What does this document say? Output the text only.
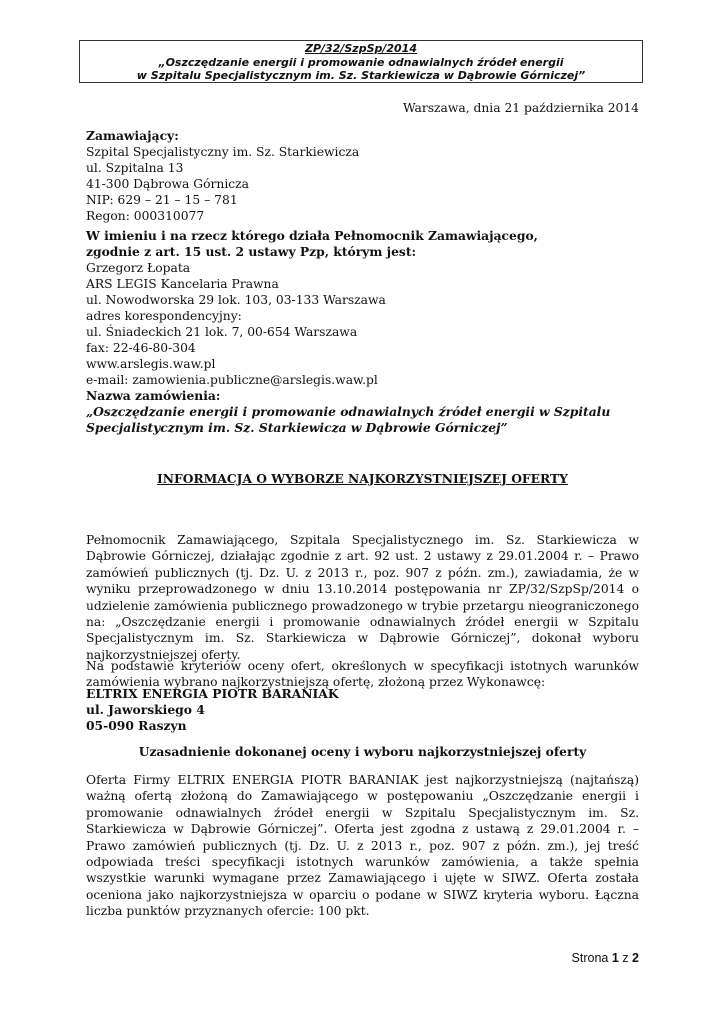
ZP/32/SzpSp/2014
„Oszczędzanie energii i promowanie odnawialnych źródeł energii
w Szpitalu Specjalistycznym im. Sz. Starkiewicza w Dąbrowie Górniczej”
Warszawa, dnia 21 października 2014
Zamawiający:
Szpital Specjalistyczny im. Sz. Starkiewicza
ul. Szpitalna 13
41-300 Dąbrowa Górnicza
NIP: 629 – 21 – 15 – 781
Regon: 000310077
W imieniu i na rzecz którego działa Pełnomocnik Zamawiającego,
zgodnie z art. 15 ust. 2 ustawy Pzp, którym jest:
Grzegorz Łopata
ARS LEGIS Kancelaria Prawna
ul. Nowodworska 29 lok. 103, 03-133 Warszawa
adres korespondencyjny:
ul. Śniadeckich 21 lok. 7, 00-654 Warszawa
fax: 22-46-80-304
www.arslegis.waw.pl
e-mail: zamowienia.publiczne@arslegis.waw.pl
Nazwa zamówienia:
„Oszczędzanie energii i promowanie odnawialnych źródeł energii w Szpitalu
Specjalistycznym im. Sz. Starkiewicza w Dąbrowie Górniczej”
INFORMACJA O WYBORZE NAJKORZYSTNIEJSZEJ OFERTY
Pełnomocnik Zamawiającego, Szpitala Specjalistycznego im. Sz. Starkiewicza w Dąbrowie Górniczej, działając zgodnie z art. 92 ust. 2 ustawy z 29.01.2004 r. – Prawo zamówień publicznych (tj. Dz. U. z 2013 r., poz. 907 z późn. zm.), zawiadamia, że w wyniku przeprowadzonego w dniu 13.10.2014 postępowania nr ZP/32/SzpSp/2014 o udzielenie zamówienia publicznego prowadzonego w trybie przetargu nieograniczonego na: „Oszczędzanie energii i promowanie odnawialnych źródeł energii w Szpitalu Specjalistycznym im. Sz. Starkiewicza w Dąbrowie Górniczej”, dokonał wyboru najkorzystniejszej oferty.
Na podstawie kryteriów oceny ofert, określonych w specyfikacji istotnych warunków zamówienia wybrano najkorzystniejszą ofertę, złożoną przez Wykonawcę:
ELTRIX ENERGIA PIOTR BARANIAK
ul. Jaworskiego 4
05-090 Raszyn
Uzasadnienie dokonanej oceny i wyboru najkorzystniejszej oferty
Oferta Firmy ELTRIX ENERGIA PIOTR BARANIAK jest najkorzystniejszą (najtańszą) ważną ofertą złożoną do Zamawiającego w postępowaniu „Oszczędzanie energii i promowanie odnawialnych źródeł energii w Szpitalu Specjalistycznym im. Sz. Starkiewicza w Dąbrowie Górniczej”. Oferta jest zgodna z ustawą z 29.01.2004 r. – Prawo zamówień publicznych (tj. Dz. U. z 2013 r., poz. 907 z późn. zm.), jej treść odpowiada treści specyfikacji istotnych warunków zamówienia, a także spełnia wszystkie warunki wymagane przez Zamawiającego i ujęte w SIWZ. Oferta została oceniona jako najkorzystniejsza w oparciu o podane w SIWZ kryteria wyboru. Łączna liczba punktów przyznanych ofercie: 100 pkt.
Strona 1 z 2
